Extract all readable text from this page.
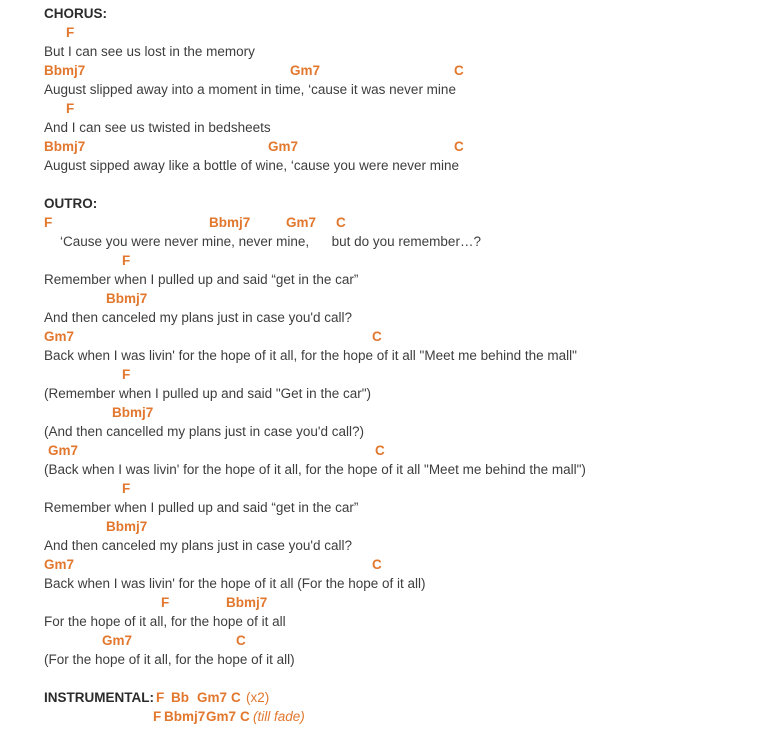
CHORUS:
F
But I can see us lost in the memory
Bbmj7	Gm7	C
August slipped away into a moment in time, ‘cause it was never mine
F
And I can see us twisted in bedsheets
Bbmj7	Gm7	C
August sipped away like a bottle of wine, ‘cause you were never mine
OUTRO:
F	Bbmj7	Gm7 C
‘Cause you were never mine, never mine,      but do you remember…?
F
Remember when I pulled up and said “get in the car”
Bbmj7
And then canceled my plans just in case you'd call?
Gm7	C
Back when I was livin' for the hope of it all, for the hope of it all "Meet me behind the mall"
F
(Remember when I pulled up and said "Get in the car")
Bbmj7
(And then cancelled my plans just in case you'd call?)
Gm7	C
(Back when I was livin' for the hope of it all, for the hope of it all "Meet me behind the mall")
F
Remember when I pulled up and said “get in the car”
Bbmj7
And then canceled my plans just in case you'd call?
Gm7	C
Back when I was livin' for the hope of it all (For the hope of it all)
F	Bbmj7
For the hope of it all, for the hope of it all
Gm7	C
(For the hope of it all, for the hope of it all)
INSTRUMENTAL: F Bb Gm7 C (x2)
F Bbmj7 Gm7 C (till fade)
